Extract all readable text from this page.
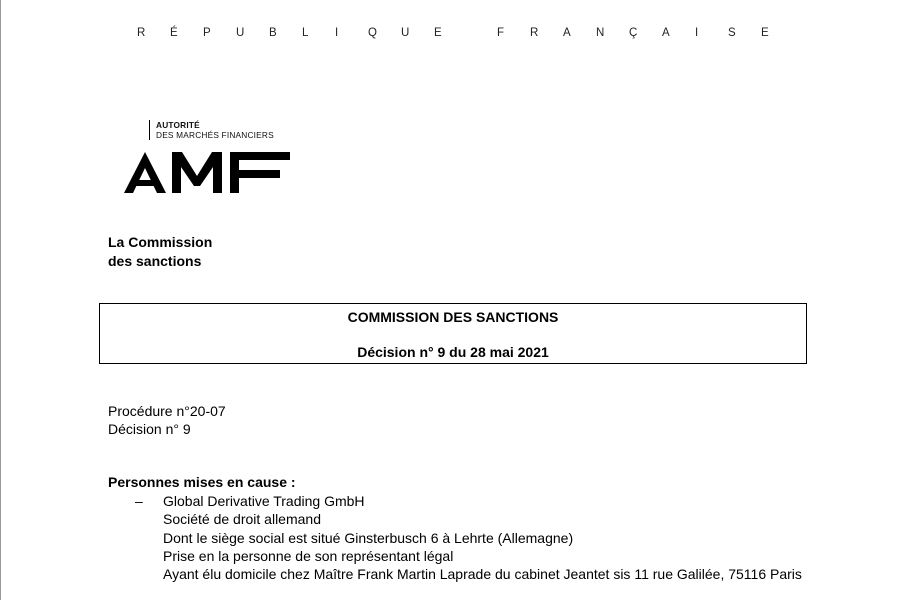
R É P U B L I	Q U E	F R A N Ç A I	S E
AUTORITÉ
DES MARCHÉS FINANCIERS
La Commission
des sanctions
COMMISSION DES SANCTIONS
Décision n° 9 du 28 mai 2021
Procédure n°20-07
Décision n° 9
Personnes mises en cause :
– Global Derivative Trading GmbH
Société de droit allemand
Dont le siège social est situé Ginsterbusch 6 à Lehrte (Allemagne)
Prise en la personne de son représentant légal
Ayant élu domicile chez Maître Frank Martin Laprade du cabinet Jeantet sis 11 rue Galilée, 75116 Paris
